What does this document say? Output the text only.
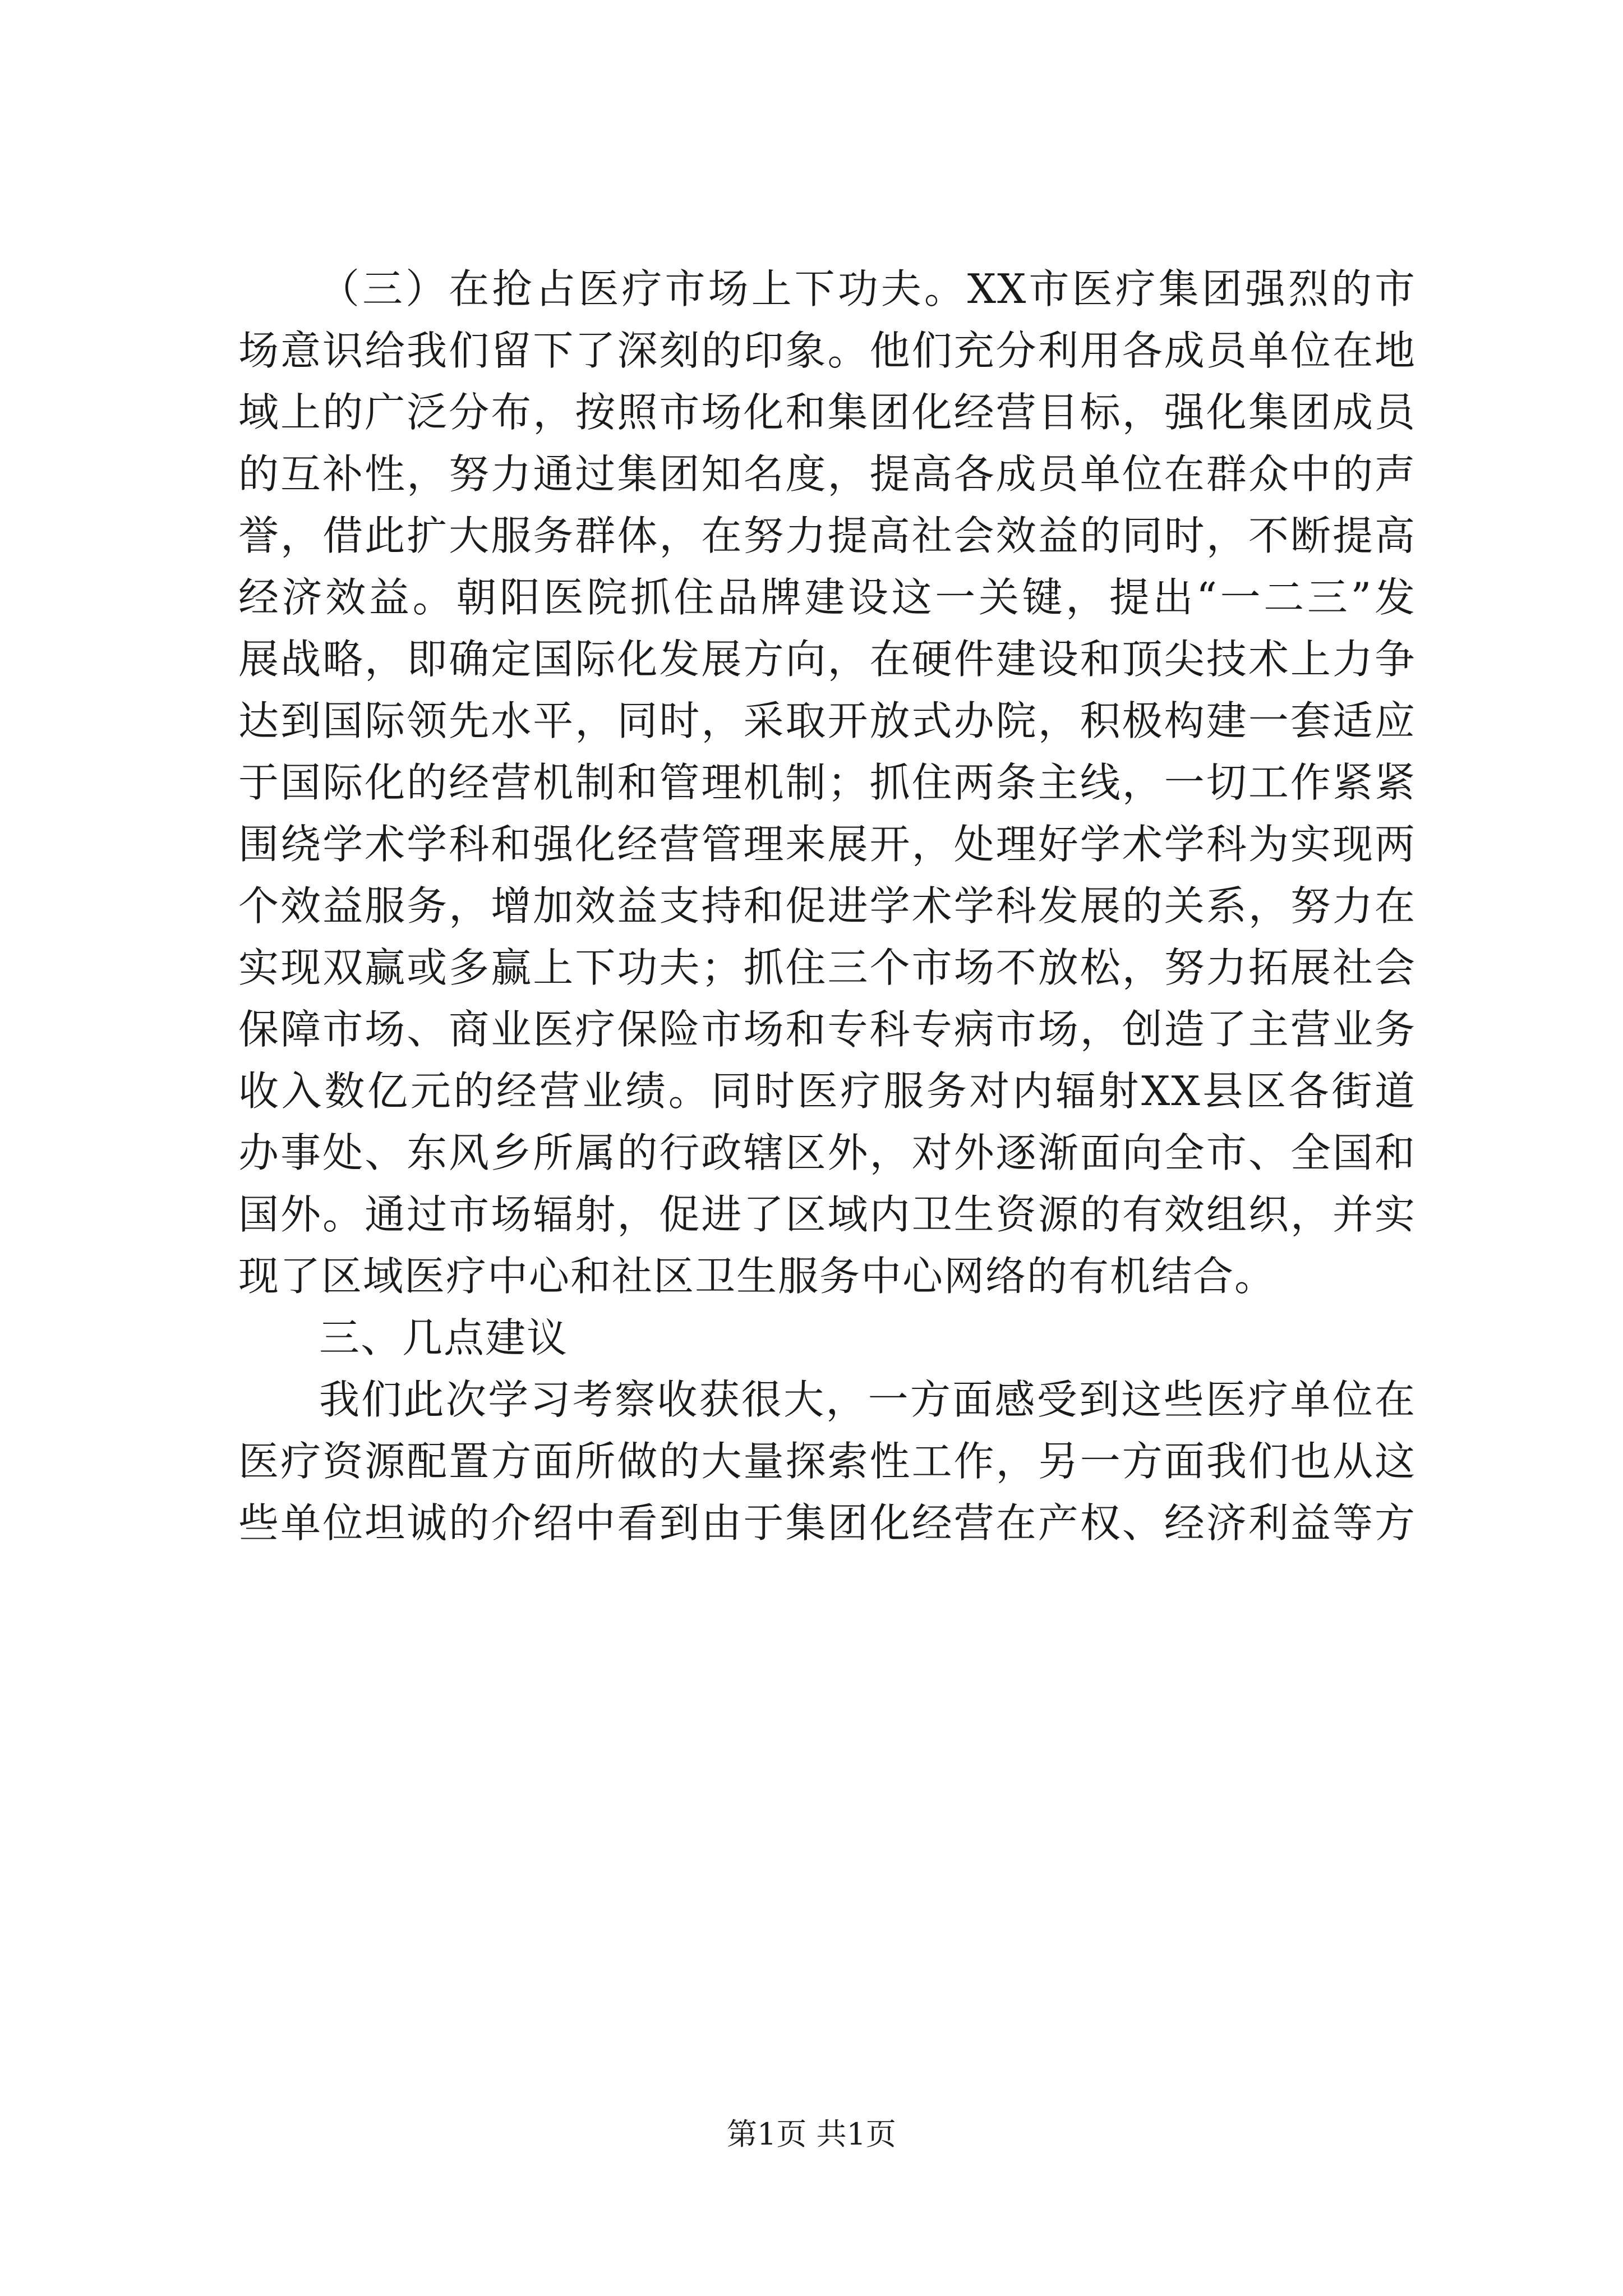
（三）在抢占医疗市场上下功夫。XX市医疗集团强烈的市
场意识给我们留下了深刻的印象。他们充分利用各成员单位在地
域上的广泛分布，按照市场化和集团化经营目标，强化集团成员
的互补性，努力通过集团知名度，提高各成员单位在群众中的声
誉，借此扩大服务群体，在努力提高社会效益的同时，不断提高
经济效益。朝阳医院抓住品牌建设这一关键，提出“一二三”发
展战略，即确定国际化发展方向，在硬件建设和顶尖技术上力争
达到国际领先水平，同时，采取开放式办院，积极构建一套适应
于国际化的经营机制和管理机制；抓住两条主线，一切工作紧紧
围绕学术学科和强化经营管理来展开，处理好学术学科为实现两
个效益服务，增加效益支持和促进学术学科发展的关系，努力在
实现双赢或多赢上下功夫；抓住三个市场不放松，努力拓展社会
保障市场、商业医疗保险市场和专科专病市场，创造了主营业务
收入数亿元的经营业绩。同时医疗服务对内辐射XX县区各街道
办事处、东风乡所属的行政辖区外，对外逐渐面向全市、全国和
国外。通过市场辐射，促进了区域内卫生资源的有效组织，并实
现了区域医疗中心和社区卫生服务中心网络的有机结合。
三、几点建议
我们此次学习考察收获很大，一方面感受到这些医疗单位在
医疗资源配置方面所做的大量探索性工作，另一方面我们也从这
些单位坦诚的介绍中看到由于集团化经营在产权、经济利益等方
第1页 共1页
